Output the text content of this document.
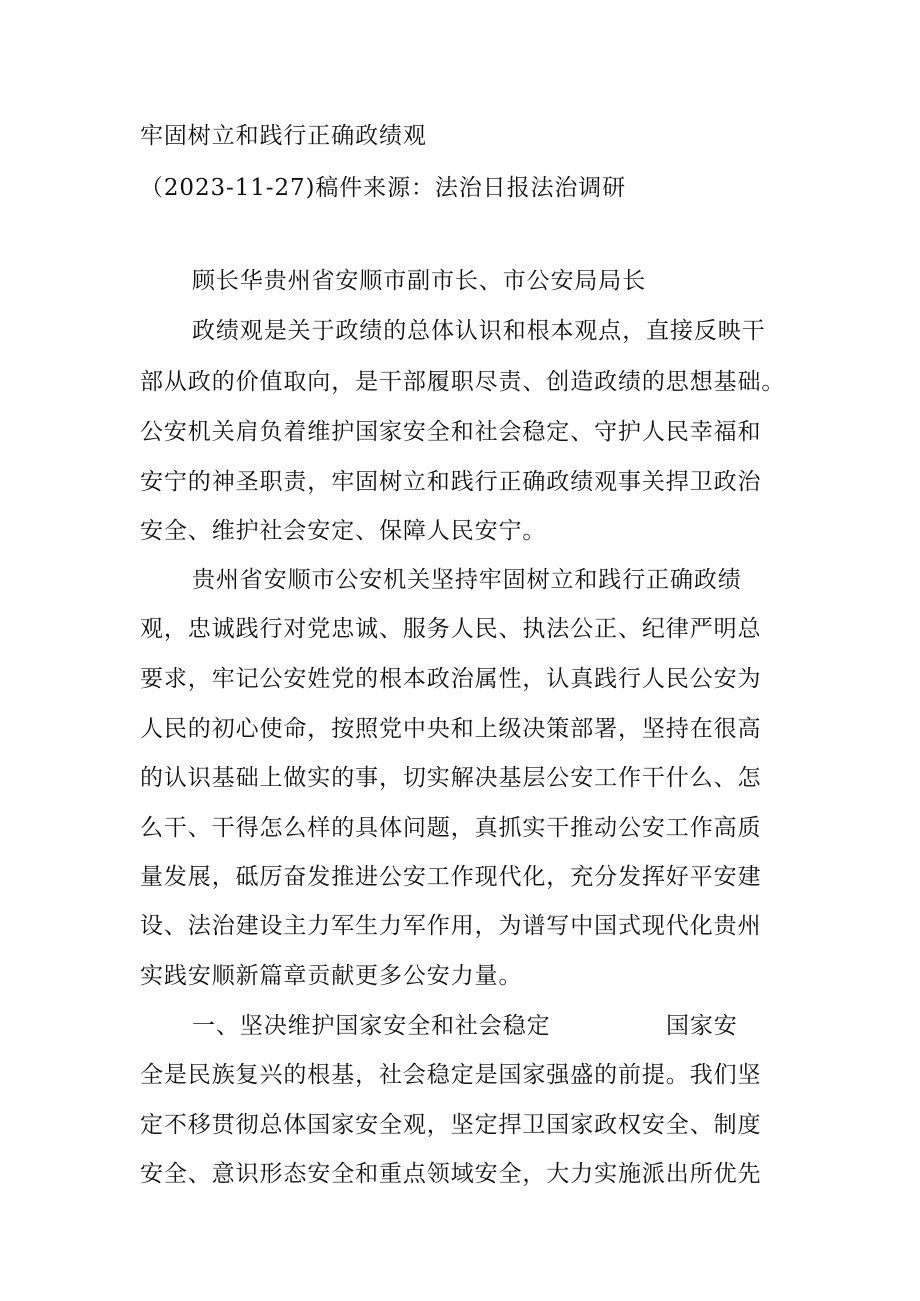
牢固树立和践行正确政绩观
（2023-11-27)稿件来源：法治日报法治调研
顾长华贵州省安顺市副市长、市公安局局长
政绩观是关于政绩的总体认识和根本观点，直接反映干
部从政的价值取向，是干部履职尽责、创造政绩的思想基础。
公安机关肩负着维护国家安全和社会稳定、守护人民幸福和
安宁的神圣职责，牢固树立和践行正确政绩观事关捍卫政治
安全、维护社会安定、保障人民安宁。
贵州省安顺市公安机关坚持牢固树立和践行正确政绩
观，忠诚践行对党忠诚、服务人民、执法公正、纪律严明总
要求，牢记公安姓党的根本政治属性，认真践行人民公安为
人民的初心使命，按照党中央和上级决策部署，坚持在很高
的认识基础上做实的事，切实解决基层公安工作干什么、怎
么干、干得怎么样的具体问题，真抓实干推动公安工作高质
量发展，砥厉奋发推进公安工作现代化，充分发挥好平安建
设、法治建设主力军生力军作用，为谱写中国式现代化贵州
实践安顺新篇章贡献更多公安力量。
一、坚决维护国家安全和社会稳定	国家安
全是民族复兴的根基，社会稳定是国家强盛的前提。我们坚
定不移贯彻总体国家安全观，坚定捍卫国家政权安全、制度
安全、意识形态安全和重点领域安全，大力实施派出所优先
